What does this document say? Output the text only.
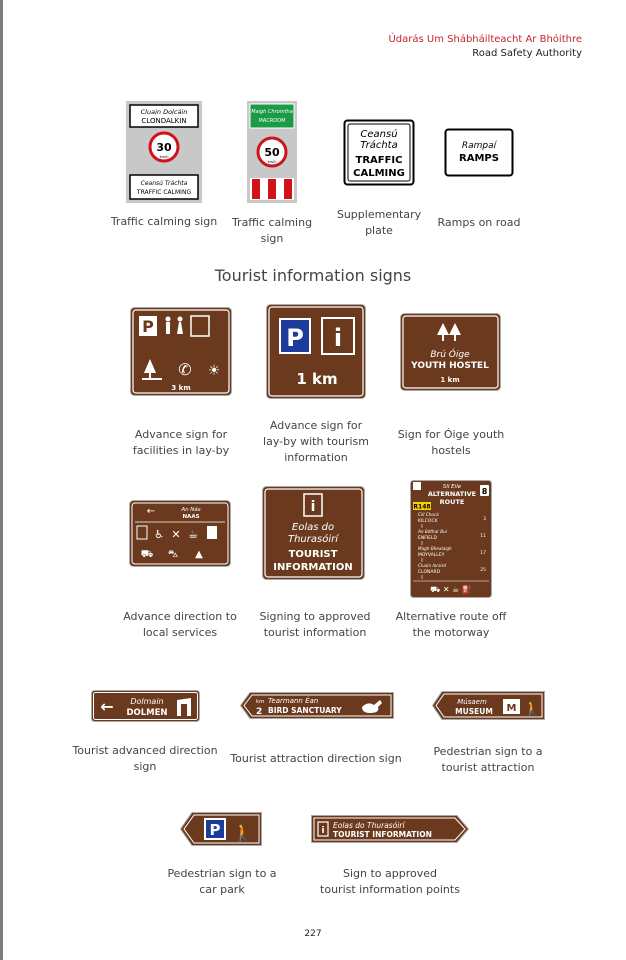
Údarás Um Shábháilteacht Ar Bhóithre
Road Safety Authority
Cluain Dolcáin
CLONDALKIN
30
km/h
Ceansú Tráchta
TRAFFIC CALMING
Maigh Chromtha
MACROOM
50
km/h
Ceansú
Tráchta
TRAFFIC
CALMING
Rampaí
RAMPS
Traffic calming sign	Traffic calming sign
Supplementary
plate
Ramps on road
Tourist information signs
P
✆ ☀
3 km
P i
1 km
Brú Óige
YOUTH HOSTEL
1 km
Advance sign for
facilities in lay-by
Advance sign for
lay-by with tourism
information
Sign for Óige youth
hostels
←	An Nás
NAAS
♿ ✕ ☕
⛟ ⛍ ▲
i
Eolas do
Thurasóirí
TOURIST
INFORMATION
Slí Eile
ALTERNATIVE
ROUTE
8
R148
Cill Chocá
KILCOCK	3
An Bóthar Buí
ENFIELD	11
Magh Bhealaigh
MOYVALLEY	17
Cluain Ioraird
CLONARD	25
⛟ ✕ ☕ ⛽
Advance direction to
local services
Signing to approved
tourist information
Alternative route off
the motorway
← Dolmain
DOLMEN
km
2
Tearmann Éan
BIRD SANCTUARY
Músaem
MUSEUM M 🚶
Tourist advanced direction
sign
Tourist attraction direction sign
Pedestrian sign to a
tourist attraction
P 🚶	i
Eolas do Thurasóirí
TOURIST INFORMATION
Pedestrian sign to a
car park
Sign to approved
tourist information points
227
